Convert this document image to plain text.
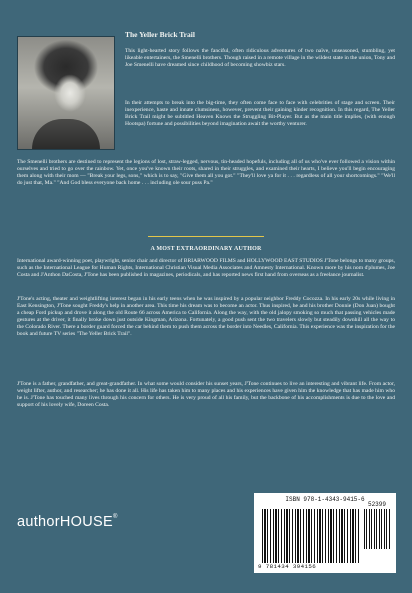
The Yeller Brick Trail

This light-hearted story follows the fanciful, often ridiculous adventures of two naïve, unseasoned, stumbling, yet likeable entertainers, the Smenelli brothers. Though raised in a remote village in the wildest state in the union, Tony and Joe Smenelli have dreamed since childhood of becoming showbiz stars.

In their attempts to break into the big-time, they often come face to face with celebrities of stage and screen. Their inexperience, haste and innate clumsiness, however, prevent their gaining kinder recognition. In this regard, The Yeller Brick Trail might be subtitled Heaven Knows the Struggling Bit-Player. But as the main title implies, (with enough Hootspa) fortune and possibilities beyond imagination await the worthy venturer.

The Smenelli brothers are destined to represent the legions of lost, straw-legged, nervous, tin-headed hopefuls, including all of us who've ever followed a vision within ourselves and tried to go over the rainbow. Yet, once you've known their roots, shared in their struggles, and examined their hearts, I believe you'll begin encouraging them along with their mom — "Break your legs, sons," which is to say, "Give them all you got." "They'll love ya for it . . . regardless of all your shortcomings." "We'll do just that, Ma." "And God bless everyone back home . . . including ole sour puss Pa."

A MOST EXTRAORDINARY AUTHOR

International award-winning poet, playwright, senior chair and director of BRIARWOOD FILMS and HOLLYWOOD EAST STUDIOS J'Tone belongs to many groups, such as the International League for Human Rights, International Christian Visual Media Associates and Amnesty International. Known more by his nom d'plumes, Joe Costa and J'Anthon DaCosta, J'Tone has been published in magazines, periodicals, and has reported news first hand from overseas as a freelance journalist.

J'Tone's acting, theater and weightlifting interest began in his early teens when he was inspired by a popular neighbor Freddy Cocozza. In his early 20s while living in East Kensington, J'Tone sought Freddy's help in another area. This time his dream was to become an actor. Thus inspired, he and his brother Donnie (Don Juan) bought a cheap Ford pickup and drove it along the old Route 66 across America to California. Along the way, with the old jalopy smoking so much that passing vehicles made gestures at the driver, it finally broke down just outside Kingman, Arizona. Fortunately, a good push sent the two travelers slowly but steadily downhill all the way to the Colorado River. There a border guard forced the car behind them to push them across the border into Needles, California. This experience was the inspiration for the book and future TV series "The Yeller Brick Trail".

J'Tone is a father, grandfather, and great-grandfather. In what some would consider his sunset years, J'Tone continues to live an interesting and vibrant life. From actor, weight lifter, author, and researcher; he has done it all. His life has taken him to many places and his experiences have given him the knowledge that has made him who he is. J'Tone has touched many lives through his concern for others. He is very proud of all his family, but the backbone of his accomplishments is due to the love and support of his lovely wife, Doreen Costa.

authorHOUSE®

ISBN 978-1-4343-9415-6

52399

9 781434 394156
